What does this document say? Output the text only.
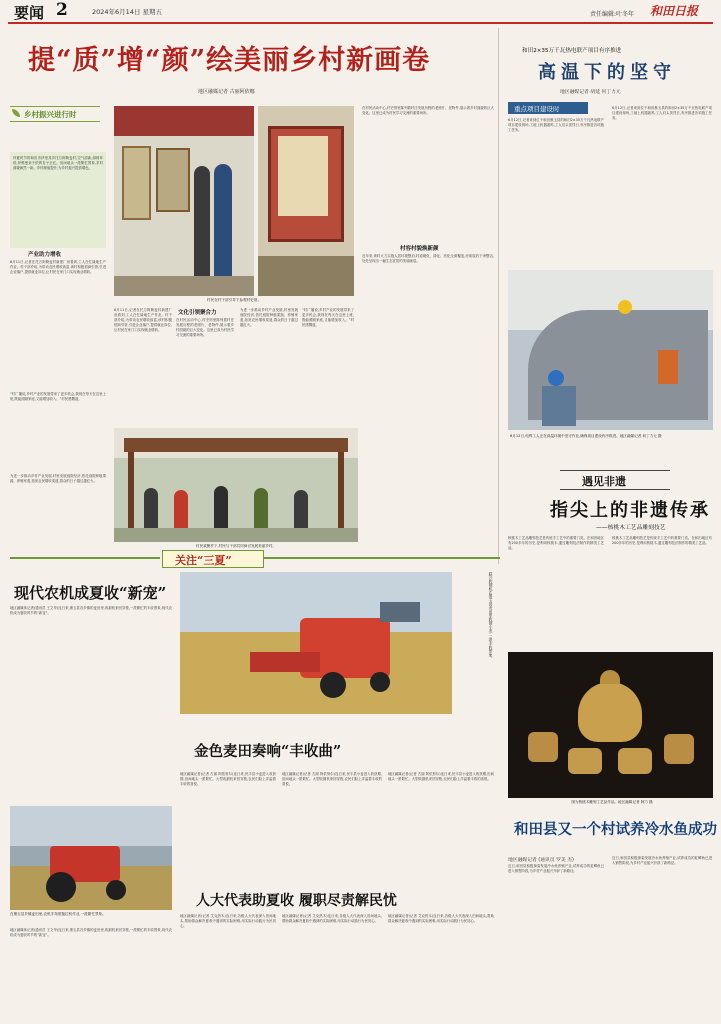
要闻 2	2024年6月14日 星期五	责任编辑:叶冬年 和田日报
提“质”增“颜”绘美丽乡村新画卷
地区融媒记者 古丽阿依娜
乡村振兴进行时
仲夏时节的和田市伊里其乡托万阿勒麦村,空气清新,绿树环绕,伊维曼朵于依的杏子正红。田间地头一派繁忙景象,乡村面貌焕然一新。乡村颜值提升,为乡村振兴提质增色。
产业助力增收
6月11日,记者在托万阿勒麦村新建厂房看到,工人在忙碌地生产作业。村干部介绍,为带动农民增收致富,该村积极招商引资,引进企业落户,提供就业岗位,让村民在家门口实现就业增收。
“村广播说,乡村产业的发展带来了更多机会,我现在每天在这里上班,既能照顾家庭,又能增加收入。”村民感慨道。
为进一步推动乡村产业发展,村里发展庭院经济,依托庭院种植果蔬、养殖家禽,拓宽农民增收渠道,群众的日子越过越红火。
村民在村干部引导下参观村史馆。
6月11日,记者在托万阿勒麦村新建厂房看到,工人在忙碌地生产作业。村干部介绍,为带动农民增收致富,该村积极招商引资,引进企业落户,提供就业岗位,让村民在家门口实现就业增收。
文化引领聚合力
在村民活动中心,村史馆里陈列着村庄发展历程的老照片、老物件,展示着乡村面貌的巨大变化。这里已成为村民学习交流的重要场所。
为进一步推动乡村产业发展,村里发展庭院经济,依托庭院种植果蔬、养殖家禽,拓宽农民增收渠道,群众的日子越过越红火。
“村广播说,乡村产业的发展带来了更多机会,我现在每天在这里上班,既能照顾家庭,又能增加收入。”村民感慨道。
村民欢聚亭下,村民与干部共同商讨发展美丽乡村。
在村民活动中心,村史馆里陈列着村庄发展历程的老照片、老物件,展示着乡村面貌的巨大变化。这里已成为村民学习交流的重要场所。
村容村貌焕新颜
近年来,该村大力实施人居环境整治,村道硬化、绿化、亮化全面覆盖,房前屋后干净整洁,处处呈现出一幅生态宜居的美丽画卷。
和田2×35万千瓦热电联产项目有序推进
高温下的坚守
地区融媒记者 胡延 何丁力元
重点项目建设时
6月12日,记者来到位于和田墨玉县的和田2×35万千瓦热电联产项目建设现场,工地上机器轰鸣,工人们头顶烈日,有序推进各项施工任务。
6月12日,记者来到位于和田墨玉县的和田2×35万千瓦热电联产项目建设现场,工地上机器轰鸣,工人们头顶烈日,有序推进各项施工任务。
6月12日,电焊工人正在高温环境中坚守作业,确保项目建设有序推进。地区融媒记者 何丁力元 摄
遇见非遗
指尖上的非遗传承
——核桃木工艺品雕刻技艺
核桃木工艺品雕刻技艺是传统手工艺中的重要门类。在和田地区有200多年的历史,是利用核桃木,通过雕刻技法制作的精美工艺品。
核桃木工艺品雕刻技艺是传统手工艺中的重要门类。在和田地区有200多年的历史,是利用核桃木,通过雕刻技法制作的精美工艺品。
图为核桃木雕刻工艺品作品。地区融媒记者 阿力 摄
和田县又一个村试养冷水鱼成功
地区融媒记者 (通讯员 罗美 杰)
近日,和田县积极探索发展冷水鱼养殖产业,试养成功的虹鳟鱼已进入销售阶段,为乡村产业振兴开辟了新路径。
近日,和田县积极探索发展冷水鱼养殖产业,试养成功的虹鳟鱼已进入销售阶段,为乡村产业振兴开辟了新路径。
关注“三夏”
现代农机成夏收“新宠”
地区融媒体记者(通讯员 王文华)连日来,墨玉县各乡镇的麦田里,收割机来回穿梭,一派繁忙的丰收景象,现代农机成为夏收时节的“新宠”。	联合收割机在墨玉县麦田里收割小麦,一派丰收景象。
金色麦田奏响“丰收曲”
地区融媒记者(记者 古丽 阿依努尔)连日来,民丰县小麦进入收获期,田间地头一派繁忙。大型收割机来回穿梭,农民们脸上洋溢着丰收的喜悦。
地区融媒记者(记者 古丽 阿依努尔)连日来,民丰县小麦进入收获期,田间地头一派繁忙。大型收割机来回穿梭,农民们脸上洋溢着丰收的喜悦。
地区融媒记者(记者 古丽 阿依努尔)连日来,民丰县小麦进入收获期,田间地头一派繁忙。大型收割机来回穿梭,农民们脸上洋溢着丰收的喜悦。
在墨玉县乡镇麦田里,农机手驾驶拖拉机作业,一派繁忙景象。
人大代表助夏收 履职尽责解民忧
地区融媒记者(记者 艾克热木)连日来,各级人大代表深入田间地头,帮助群众解决夏收中遇到的实际困难,用实际行动践行为民初心。
地区融媒记者(记者 艾克热木)连日来,各级人大代表深入田间地头,帮助群众解决夏收中遇到的实际困难,用实际行动践行为民初心。
地区融媒记者(记者 艾克热木)连日来,各级人大代表深入田间地头,帮助群众解决夏收中遇到的实际困难,用实际行动践行为民初心。
地区融媒体记者(通讯员 王文华)连日来,墨玉县各乡镇的麦田里,收割机来回穿梭,一派繁忙的丰收景象,现代农机成为夏收时节的“新宠”。
